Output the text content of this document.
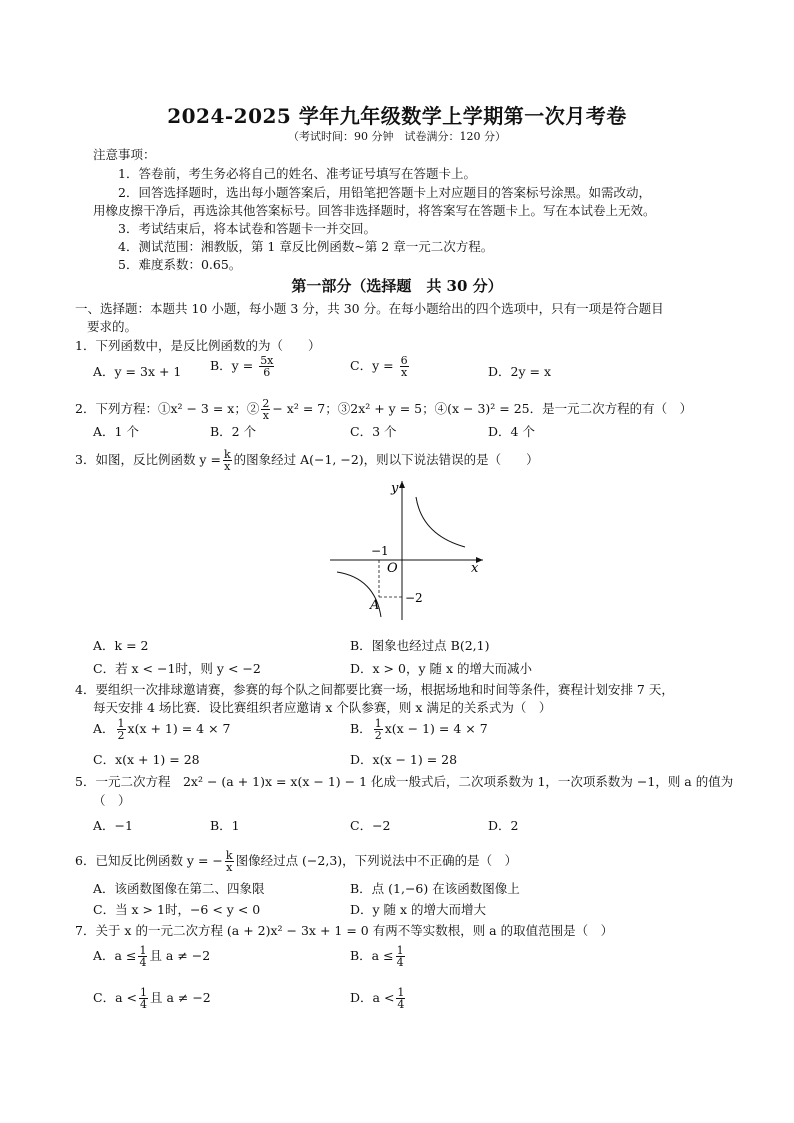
2024-2025 学年九年级数学上学期第一次月考卷
（考试时间：90 分钟　试卷满分：120 分）
注意事项：
1．答卷前，考生务必将自己的姓名、准考证号填写在答题卡上。
2．回答选择题时，选出每小题答案后，用铅笔把答题卡上对应题目的答案标号涂黑。如需改动，
用橡皮擦干净后，再选涂其他答案标号。回答非选择题时，将答案写在答题卡上。写在本试卷上无效。
3．考试结束后，将本试卷和答题卡一并交回。
4．测试范围：湘教版，第 1 章反比例函数~第 2 章一元二次方程。
5．难度系数：0.65。
第一部分（选择题　共 30 分）
一、选择题：本题共 10 小题，每小题 3 分，共 30 分。在每小题给出的四个选项中，只有一项是符合题目
要求的。
1．下列函数中，是反比例函数的为（　　）
A．y = 3x + 1 B．$y = \frac{5x}{6}$	C．$y = \frac{6}{x}$	D．2y = x
2．下列方程：①x² − 3 = x；② $\frac{2}{x} - x^2 = 7$；③2x² + y = 5；④(x − 3)² = 25．是一元二次方程的有（　）
A．1 个	B．2 个	C．3 个	D．4 个
3．如图，反比例函数 $y = \frac{k}{x}$ 的图象经过 A(−1, −2)，则以下说法错误的是（　　）
y
x
O
−1
−2
A
A．k = 2	B．图象也经过点 B(2,1)
C．若 x < −1时，则 y < −2	D．x > 0，y 随 x 的增大而减小
4．要组织一次排球邀请赛，参赛的每个队之间都要比赛一场，根据场地和时间等条件，赛程计划安排 7 天，
每天安排 4 场比赛．设比赛组织者应邀请 x 个队参赛，则 x 满足的关系式为（　）
A． $\frac{1}{2} x(x + 1) = 4 \times 7$	B． $\frac{1}{2} x(x - 1) = 4 \times 7$
C．x(x + 1) = 28	D．x(x − 1) = 28
5．一元二次方程　2x² − (a + 1)x = x(x − 1) − 1 化成一般式后，二次项系数为 1，一次项系数为 −1，则 a 的值为
（　）
A．−1	B．1	C．−2	D．2
6．已知反比例函数 y = − $\frac{k}{x}$ 图像经过点 (−2,3)，下列说法中不正确的是（　）
A．该函数图像在第二、四象限	B．点 (1,−6) 在该函数图像上
C．当 x > 1时，−6 < y < 0	D．y 随 x 的增大而增大
7．关于 x 的一元二次方程 (a + 2)x² − 3x + 1 = 0 有两不等实数根，则 a 的取值范围是（　）
A．$a \le \frac{1}{4}$ 且 a ≠ −2	B．$a \le \frac{1}{4}$
C．$a < \frac{1}{4}$ 且 a ≠ −2	D．$a < \frac{1}{4}$
